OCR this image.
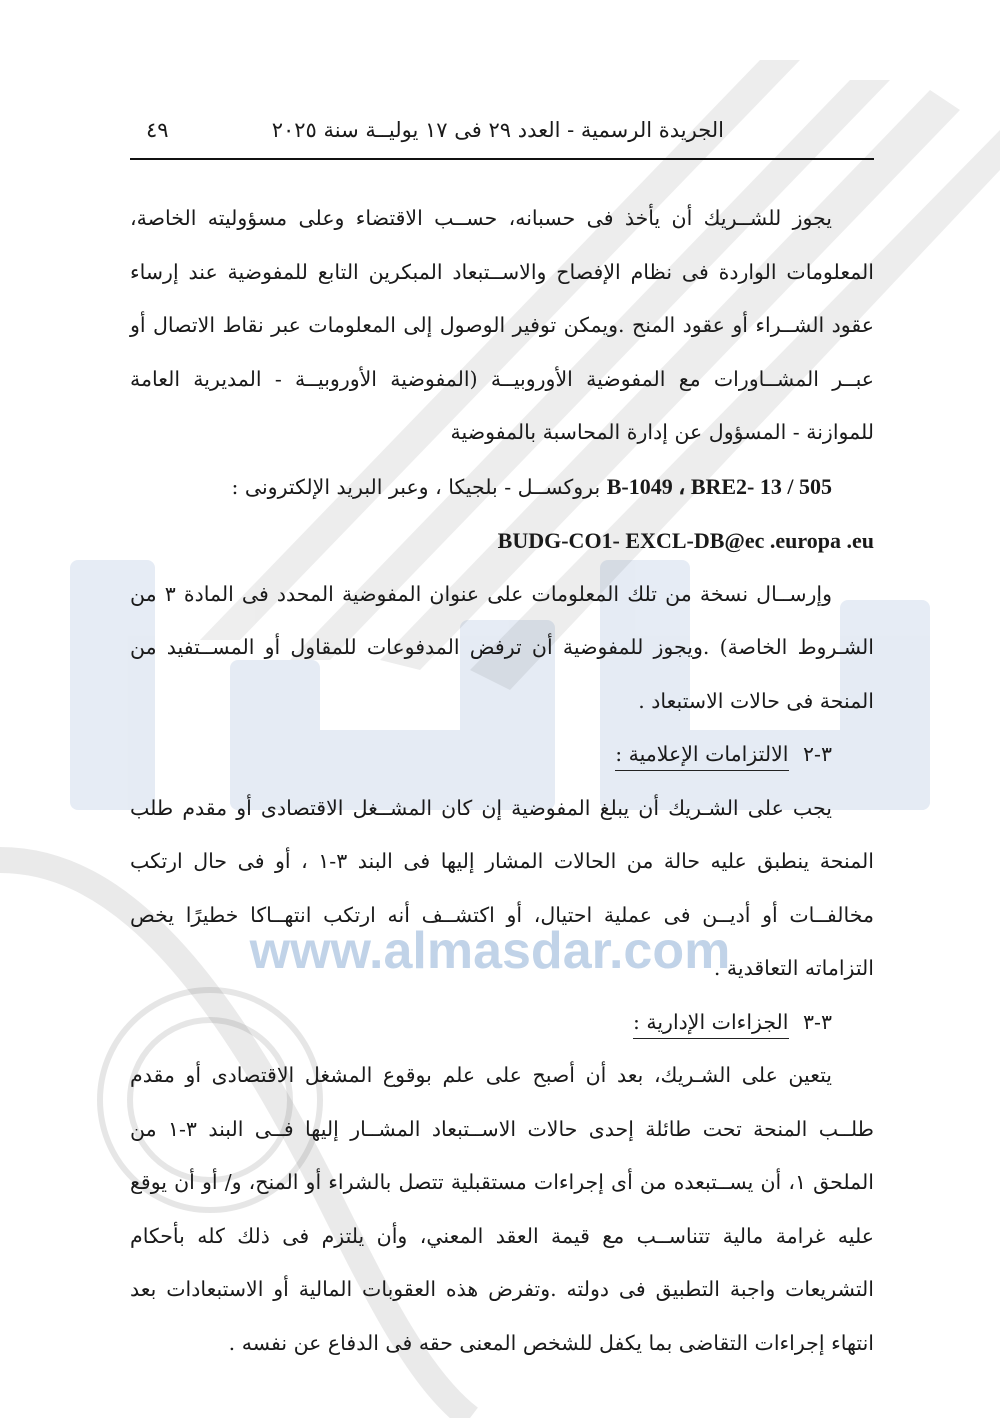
www.almasdar.com
الجريدة الرسمية - العدد ٢٩ فى ١٧ يوليــة سنة ٢٠٢٥
٤٩

يجوز للشــريك أن يأخذ فى حسبانه، حســب الاقتضاء وعلى مسؤوليته الخاصة، المعلومات الواردة فى نظام الإفصاح والاســتبعاد المبكرين التابع للمفوضية عند إرساء عقود الشــراء أو عقود المنح .ويمكن توفير الوصول إلى المعلومات عبر نقاط الاتصال أو عبــر المشــاورات مع المفوضية الأوروبيــة (المفوضية الأوروبيــة - المديرية العامة للموازنة - المسؤول عن إدارة المحاسبة بالمفوضية

B-1049 ، BRE2- 13 / 505 بروكســل - بلجيكا ، وعبر البريد الإلكترونى :

BUDG-CO1- EXCL-DB@ec .europa .eu

وإرســال نسخة من تلك المعلومات على عنوان المفوضية المحدد فى المادة ٣ من الشـروط الخاصة) .ويجوز للمفوضية أن ترفض المدفوعات للمقاول أو المســتفيد من المنحة فى حالات الاستبعاد .

٣-٢ الالتزامات الإعلامية :

يجب على الشـريك أن يبلغ المفوضية إن كان المشــغل الاقتصادى أو مقدم طلب المنحة ينطبق عليه حالة من الحالات المشار إليها فى البند ٣-١ ، أو فى حال ارتكب مخالفــات أو أديــن فى عملية احتيال، أو اكتشــف أنه ارتكب انتهــاكا خطيرًا يخص التزاماته التعاقدية .

٣-٣ الجزاءات الإدارية :

يتعين على الشـريك، بعد أن أصبح على علم بوقوع المشغل الاقتصادى أو مقدم طلــب المنحة تحت طائلة إحدى حالات الاســتبعاد المشــار إليها فــى البند ٣-١ من الملحق ١، أن يســتبعده من أى إجراءات مستقبلية تتصل بالشراء أو المنح، و/ أو أن يوقع عليه غرامة مالية تتناســب مع قيمة العقد المعني، وأن يلتزم فى ذلك كله بأحكام التشريعات واجبة التطبيق فى دولته .وتفرض هذه العقوبات المالية أو الاستبعادات بعد انتهاء إجراءات التقاضى بما يكفل للشخص المعنى حقه فى الدفاع عن نفسه .
